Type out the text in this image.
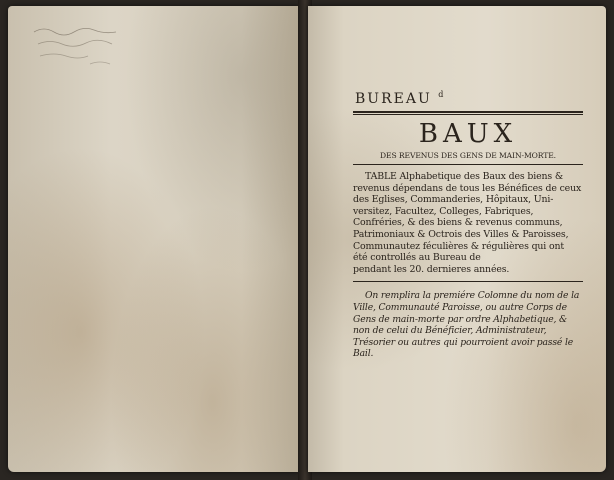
BUREAU $^d$
BAUX
DES REVENUS DES GENS DE MAIN-MORTE.
TABLE Alphabetique des Baux des biens &
revenus dépendans de tous les Bénéfices de ceux
des Eglises, Commanderies, Hôpitaux, Uni-
versitez, Facultez, Colleges, Fabriques,
Confréries, & des biens & revenus communs,
Patrimoniaux & Octrois des Villes & Paroisses,
Communautez féculières & régulières qui ont
été controllés au Bureau de
pendant les 20. dernieres années.
On remplira la premiére Colomne du nom de la
Ville, Communauté Paroisse, ou autre Corps de
Gens de main-morte par ordre Alphabetique, &
non de celui du Bénéficier, Administrateur,
Trésorier ou autres qui pourroient avoir passé le
Bail.
